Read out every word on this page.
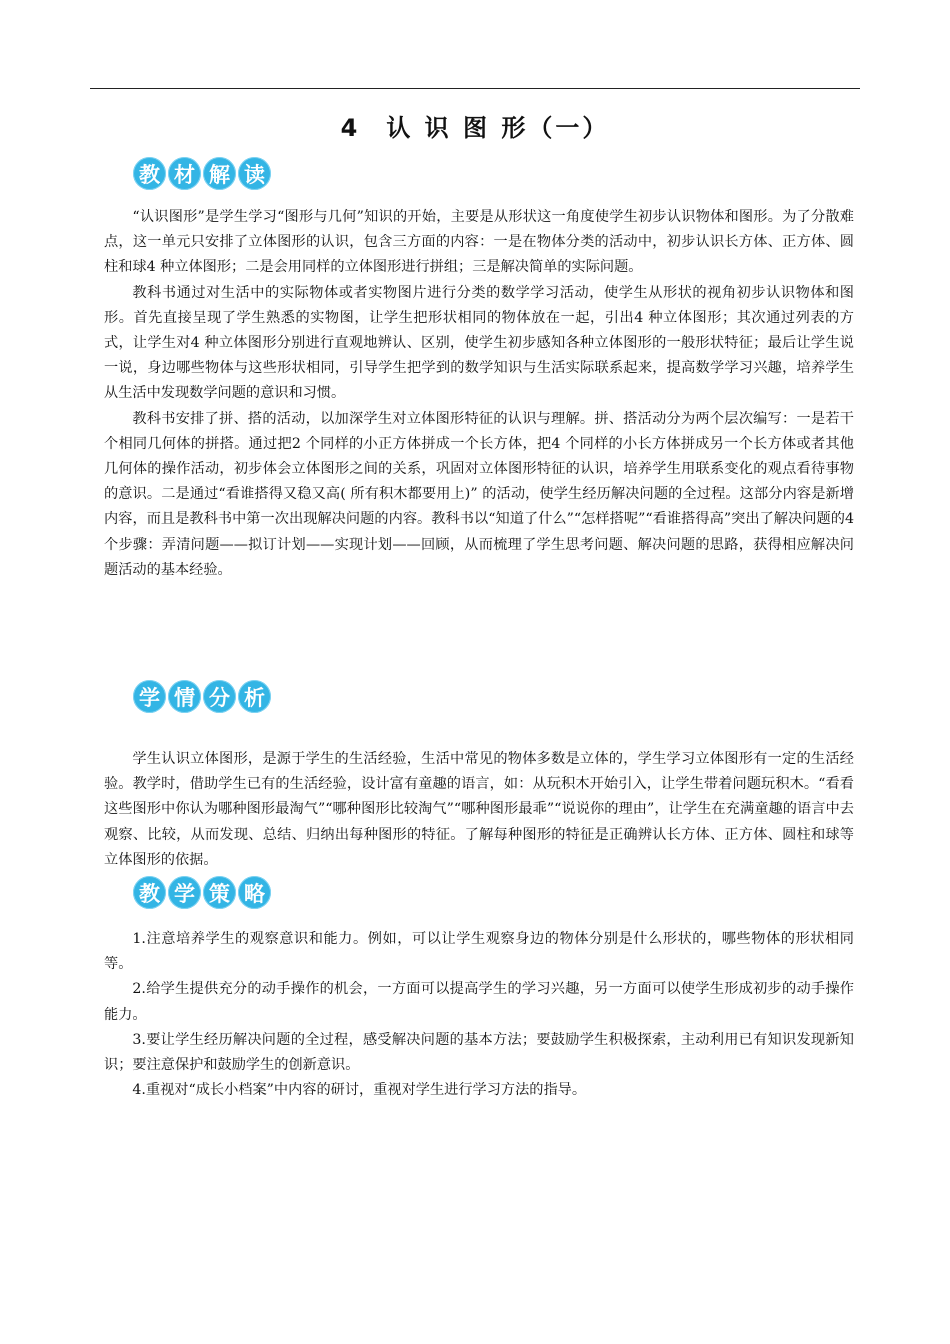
4 认 识 图 形（一）
教 材 解 读

“认识图形”是学生学习“图形与几何”知识的开始，主要是从形状这一角度使学生初步认识物体和图形。为了分散难点，这一单元只安排了立体图形的认识，包含三方面的内容：一是在物体分类的活动中，初步认识长方体、正方体、圆柱和球4 种立体图形；二是会用同样的立体图形进行拼组；三是解决简单的实际问题。

教科书通过对生活中的实际物体或者实物图片进行分类的数学学习活动，使学生从形状的视角初步认识物体和图形。首先直接呈现了学生熟悉的实物图，让学生把形状相同的物体放在一起，引出4 种立体图形；其次通过列表的方式，让学生对4 种立体图形分别进行直观地辨认、区别，使学生初步感知各种立体图形的一般形状特征；最后让学生说一说，身边哪些物体与这些形状相同，引导学生把学到的数学知识与生活实际联系起来，提高数学学习兴趣，培养学生从生活中发现数学问题的意识和习惯。

教科书安排了拼、搭的活动，以加深学生对立体图形特征的认识与理解。拼、搭活动分为两个层次编写：一是若干个相同几何体的拼搭。通过把2 个同样的小正方体拼成一个长方体，把4 个同样的小长方体拼成另一个长方体或者其他几何体的操作活动，初步体会立体图形之间的关系，巩固对立体图形特征的认识，培养学生用联系变化的观点看待事物的意识。二是通过“看谁搭得又稳又高( 所有积木都要用上)” 的活动，使学生经历解决问题的全过程。这部分内容是新增内容，而且是教科书中第一次出现解决问题的内容。教科书以“知道了什么”“怎样搭呢”“看谁搭得高”突出了解决问题的4 个步骤：弄清问题——拟订计划——实现计划——回顾，从而梳理了学生思考问题、解决问题的思路，获得相应解决问题活动的基本经验。

学 情 分 析

学生认识立体图形，是源于学生的生活经验，生活中常见的物体多数是立体的，学生学习立体图形有一定的生活经验。教学时，借助学生已有的生活经验，设计富有童趣的语言，如：从玩积木开始引入，让学生带着问题玩积木。“看看这些图形中你认为哪种图形最淘气”“哪种图形比较淘气”“哪种图形最乖”“说说你的理由”，让学生在充满童趣的语言中去观察、比较，从而发现、总结、归纳出每种图形的特征。了解每种图形的特征是正确辨认长方体、正方体、圆柱和球等立体图形的依据。

教 学 策 略

1.注意培养学生的观察意识和能力。例如，可以让学生观察身边的物体分别是什么形状的，哪些物体的形状相同等。

2.给学生提供充分的动手操作的机会，一方面可以提高学生的学习兴趣，另一方面可以使学生形成初步的动手操作能力。

3.要让学生经历解决问题的全过程，感受解决问题的基本方法；要鼓励学生积极探索，主动利用已有知识发现新知识；要注意保护和鼓励学生的创新意识。

4.重视对“成长小档案”中内容的研讨，重视对学生进行学习方法的指导。
